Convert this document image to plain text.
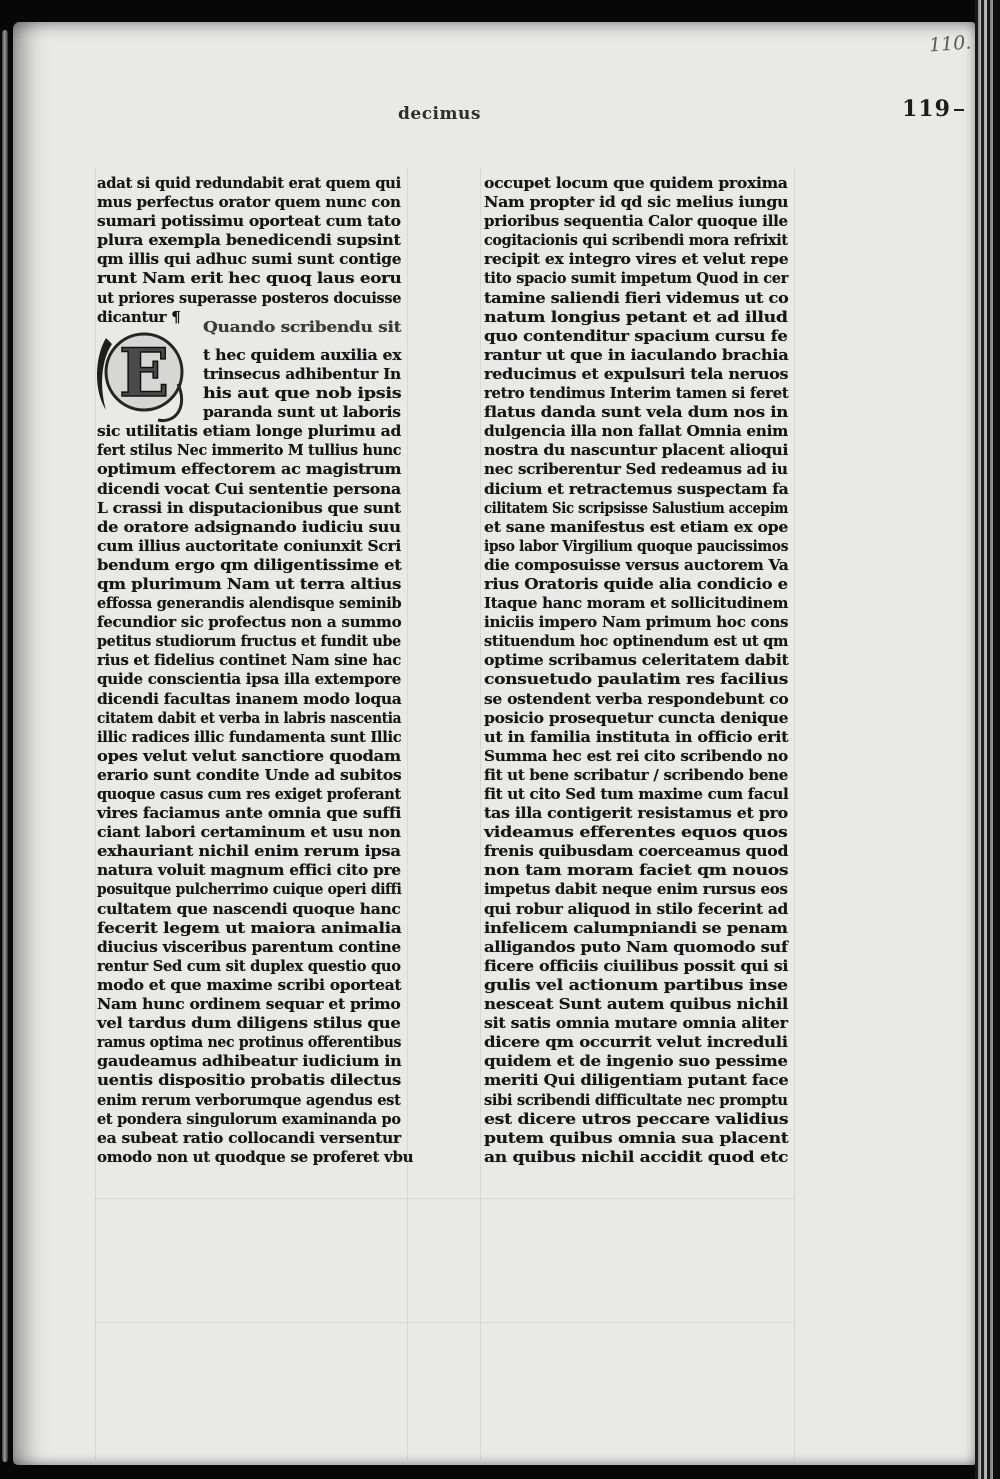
110.
119
decimus
E
adat si quid redundabit erat quem qui
mus perfectus orator quem nunc con
sumari potissimu oporteat cum tato
plura exempla benedicendi supsint
qm illis qui adhuc sumi sunt contige
runt Nam erit hec quoq laus eoru
ut priores superasse posteros docuisse
dicantur ¶
Quando scribendu sit
t hec quidem auxilia ex
trinsecus adhibentur In
his aut que nob ipsis
paranda sunt ut laboris
sic utilitatis etiam longe plurimu ad
fert stilus Nec immerito M tullius hunc
optimum effectorem ac magistrum
dicendi vocat Cui sententie persona
L crassi in disputacionibus que sunt
de oratore adsignando iudiciu suu
cum illius auctoritate coniunxit Scri
bendum ergo qm diligentissime et
qm plurimum Nam ut terra altius
effossa generandis alendisque seminib
fecundior sic profectus non a summo
petitus studiorum fructus et fundit ube
rius et fidelius continet Nam sine hac
quide conscientia ipsa illa extempore
dicendi facultas inanem modo loqua
citatem dabit et verba in labris nascentia
illic radices illic fundamenta sunt Illic
opes velut velut sanctiore quodam
erario sunt condite Unde ad subitos
quoque casus cum res exiget proferant
vires faciamus ante omnia que suffi
ciant labori certaminum et usu non
exhauriant nichil enim rerum ipsa
natura voluit magnum effici cito pre
posuitque pulcherrimo cuique operi diffi
cultatem que nascendi quoque hanc
fecerit legem ut maiora animalia
diucius visceribus parentum contine
rentur Sed cum sit duplex questio quo
modo et que maxime scribi oporteat
Nam hunc ordinem sequar et primo
vel tardus dum diligens stilus que
ramus optima nec protinus offerentibus
gaudeamus adhibeatur iudicium in
uentis dispositio probatis dilectus
enim rerum verborumque agendus est
et pondera singulorum examinanda po
ea subeat ratio collocandi versentur
omodo non ut quodque se proferet vbu
occupet locum que quidem proxima
Nam propter id qd sic melius iungu
prioribus sequentia Calor quoque ille
cogitacionis qui scribendi mora refrixit
recipit ex integro vires et velut repe
tito spacio sumit impetum Quod in cer
tamine saliendi fieri videmus ut co
natum longius petant et ad illud
quo contenditur spacium cursu fe
rantur ut que in iaculando brachia
reducimus et expulsuri tela neruos
retro tendimus Interim tamen si feret
flatus danda sunt vela dum nos in
dulgencia illa non fallat Omnia enim
nostra du nascuntur placent alioqui
nec scriberentur Sed redeamus ad iu
dicium et retractemus suspectam fa
cilitatem Sic scripsisse Salustium accepim
et sane manifestus est etiam ex ope
ipso labor Virgilium quoque paucissimos
die composuisse versus auctorem Va
rius Oratoris quide alia condicio e
Itaque hanc moram et sollicitudinem
iniciis impero Nam primum hoc cons
stituendum hoc optinendum est ut qm
optime scribamus celeritatem dabit
consuetudo paulatim res facilius
se ostendent verba respondebunt co
posicio prosequetur cuncta denique
ut in familia instituta in officio erit
Summa hec est rei cito scribendo no
fit ut bene scribatur / scribendo bene
fit ut cito Sed tum maxime cum facul
tas illa contigerit resistamus et pro
videamus efferentes equos quos
frenis quibusdam coerceamus quod
non tam moram faciet qm nouos
impetus dabit neque enim rursus eos
qui robur aliquod in stilo fecerint ad
infelicem calumpniandi se penam
alligandos puto Nam quomodo suf
ficere officiis ciuilibus possit qui si
gulis vel actionum partibus inse
nesceat Sunt autem quibus nichil
sit satis omnia mutare omnia aliter
dicere qm occurrit velut increduli
quidem et de ingenio suo pessime
meriti Qui diligentiam putant face
sibi scribendi difficultate nec promptu
est dicere utros peccare validius
putem quibus omnia sua placent
an quibus nichil accidit quod etc
